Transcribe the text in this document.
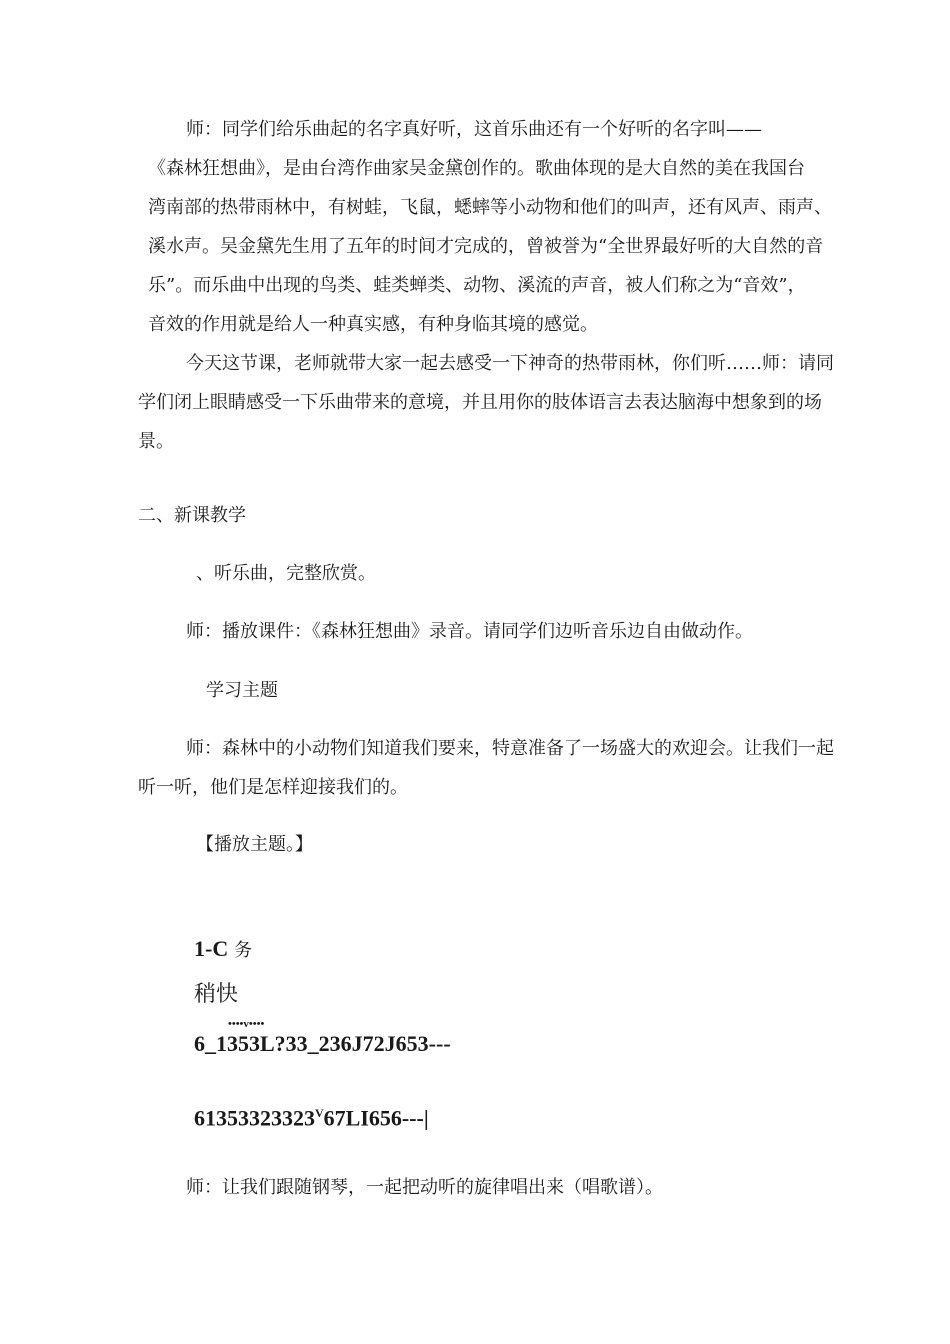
师：同学们给乐曲起的名字真好听，这首乐曲还有一个好听的名字叫——
《森林狂想曲》，是由台湾作曲家吴金黛创作的。歌曲体现的是大自然的美在我国台
湾南部的热带雨林中，有树蛙，飞鼠，蟋蟀等小动物和他们的叫声，还有风声、雨声、
溪水声。吴金黛先生用了五年的时间才完成的，曾被誉为“全世界最好听的大自然的音
乐”。而乐曲中出现的鸟类、蛙类蝉类、动物、溪流的声音，被人们称之为“音效”，
音效的作用就是给人一种真实感，有种身临其境的感觉。
今天这节课，老师就带大家一起去感受一下神奇的热带雨林，你们听……师：请同
学们闭上眼睛感受一下乐曲带来的意境，并且用你的肢体语言去表达脑海中想象到的场
景。
二、新课教学
、听乐曲，完整欣赏。
师：播放课件：《森林狂想曲》录音。请同学们边听音乐边自由做动作。
学习主题
师：森林中的小动物们知道我们要来，特意准备了一场盛大的欢迎会。让我们一起
听一听，他们是怎样迎接我们的。
【播放主题。】
1-C 务
稍快
••••v••••
6_1353L?33_236J72J653---
$61353323323^V67LI656---|$
师：让我们跟随钢琴，一起把动听的旋律唱出来（唱歌谱）。
